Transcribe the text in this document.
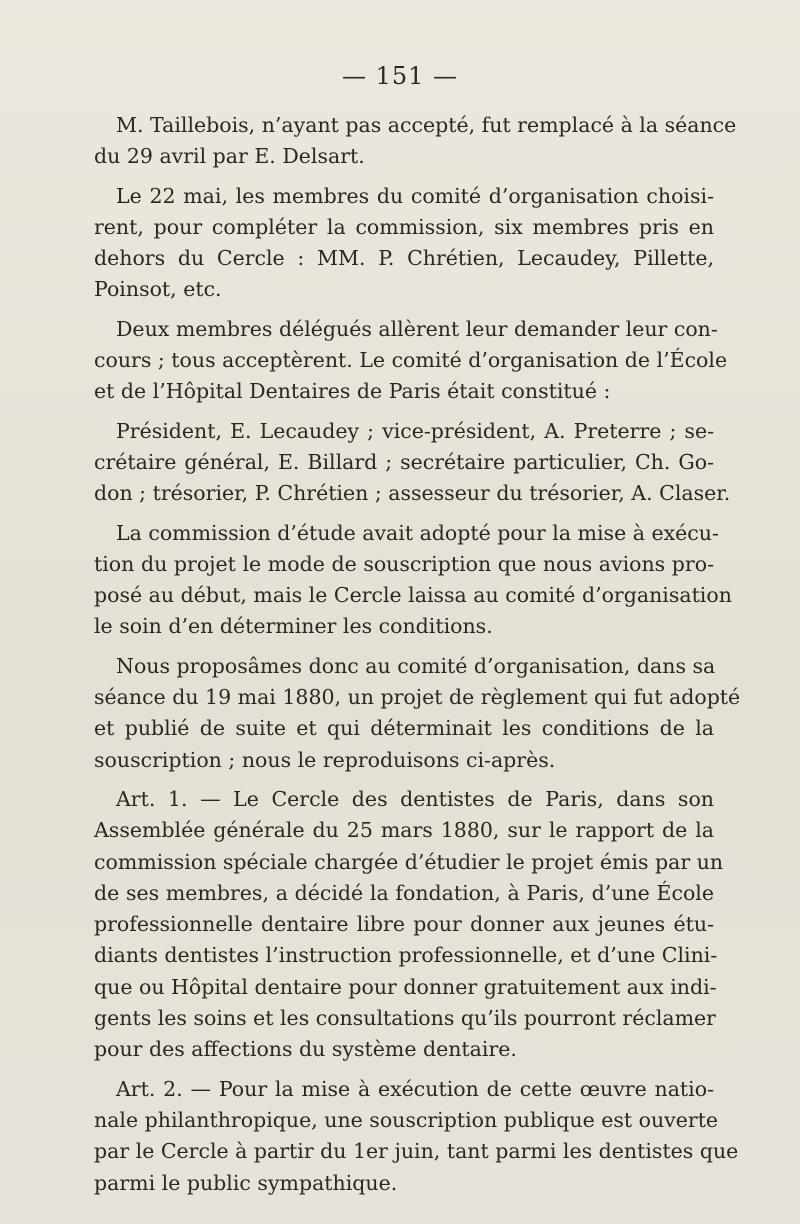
— 151 —
M. Taillebois, n’ayant pas accepté, fut remplacé à la séance
du 29 avril par E. Delsart.
Le 22 mai, les membres du comité d’organisation choisi-
rent, pour compléter la commission, six membres pris en
dehors du Cercle : MM. P. Chrétien, Lecaudey, Pillette,
Poinsot, etc.
Deux membres délégués allèrent leur demander leur con-
cours ; tous acceptèrent. Le comité d’organisation de l’École
et de l’Hôpital Dentaires de Paris était constitué :
Président, E. Lecaudey ; vice-président, A. Preterre ; se-
crétaire général, E. Billard ; secrétaire particulier, Ch. Go-
don ; trésorier, P. Chrétien ; assesseur du trésorier, A. Claser.
La commission d’étude avait adopté pour la mise à exécu-
tion du projet le mode de souscription que nous avions pro-
posé au début, mais le Cercle laissa au comité d’organisation
le soin d’en déterminer les conditions.
Nous proposâmes donc au comité d’organisation, dans sa
séance du 19 mai 1880, un projet de règlement qui fut adopté
et publié de suite et qui déterminait les conditions de la
souscription ; nous le reproduisons ci-après.
Art. 1. — Le Cercle des dentistes de Paris, dans son
Assemblée générale du 25 mars 1880, sur le rapport de la
commission spéciale chargée d’étudier le projet émis par un
de ses membres, a décidé la fondation, à Paris, d’une École
professionnelle dentaire libre pour donner aux jeunes étu-
diants dentistes l’instruction professionnelle, et d’une Clini-
que ou Hôpital dentaire pour donner gratuitement aux indi-
gents les soins et les consultations qu’ils pourront réclamer
pour des affections du système dentaire.
Art. 2. — Pour la mise à exécution de cette œuvre natio-
nale philanthropique, une souscription publique est ouverte
par le Cercle à partir du 1er juin, tant parmi les dentistes que
parmi le public sympathique.
